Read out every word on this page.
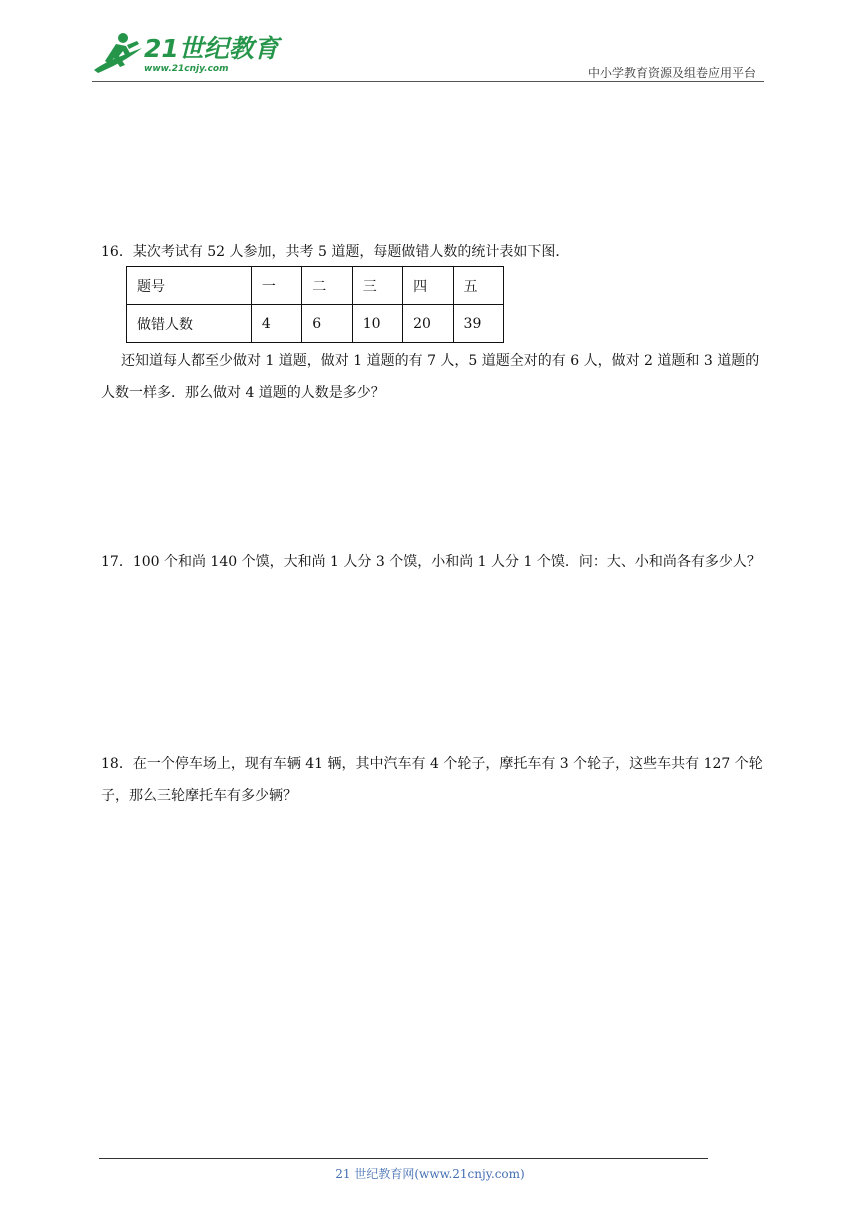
21世纪教育
www.21cnjy.com	中小学教育资源及组卷应用平台
16．某次考试有 52 人参加，共考 5 道题，每题做错人数的统计表如下图．
题号	一	二	三	四	五
做错人数	4	6	10	20	39
还知道每人都至少做对 1 道题，做对 1 道题的有 7 人，5 道题全对的有 6 人，做对 2 道题和 3 道题的人数一样多．那么做对 4 道题的人数是多少？
17．100 个和尚 140 个馍，大和尚 1 人分 3 个馍，小和尚 1 人分 1 个馍．问：大、小和尚各有多少人？
18．在一个停车场上，现有车辆 41 辆，其中汽车有 4 个轮子，摩托车有 3 个轮子，这些车共有 127 个轮子，那么三轮摩托车有多少辆？
21 世纪教育网(www.21cnjy.com)
